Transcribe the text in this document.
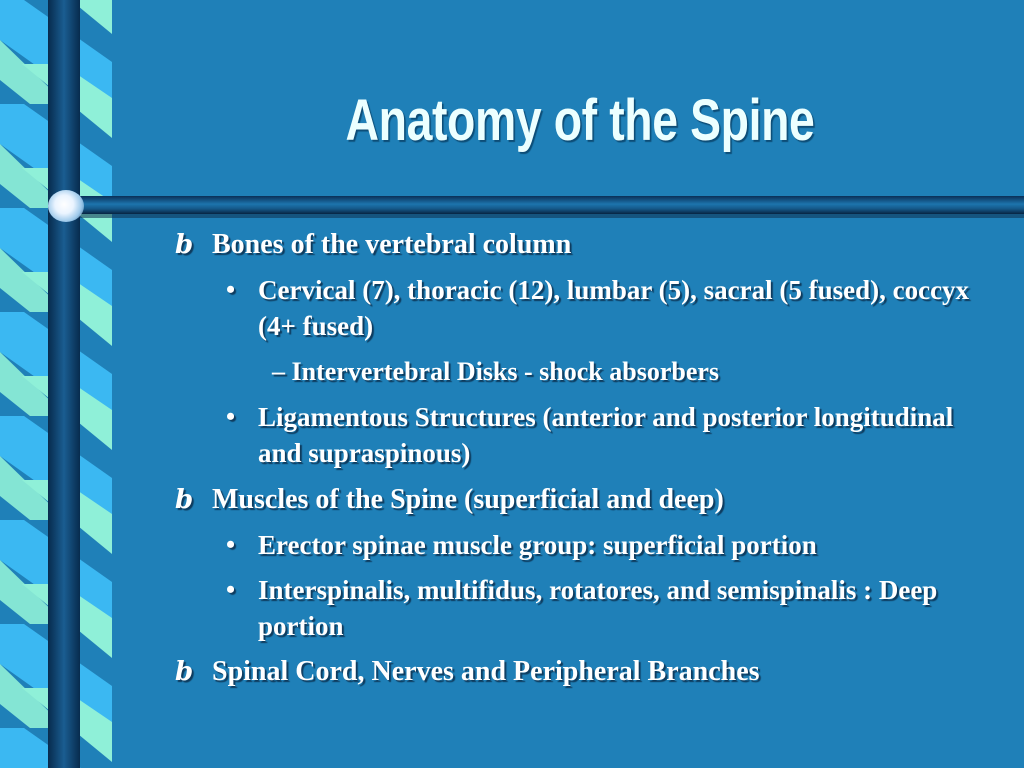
Anatomy of the Spine
b Bones of the vertebral column
• Cervical (7), thoracic (12), lumbar (5), sacral (5 fused), coccyx (4+ fused)
– Intervertebral Disks - shock absorbers
• Ligamentous Structures (anterior and posterior longitudinal and supraspinous)
b Muscles of the Spine (superficial and deep)
• Erector spinae muscle group: superficial portion
• Interspinalis, multifidus, rotatores, and semispinalis : Deep portion
b Spinal Cord, Nerves and Peripheral Branches
